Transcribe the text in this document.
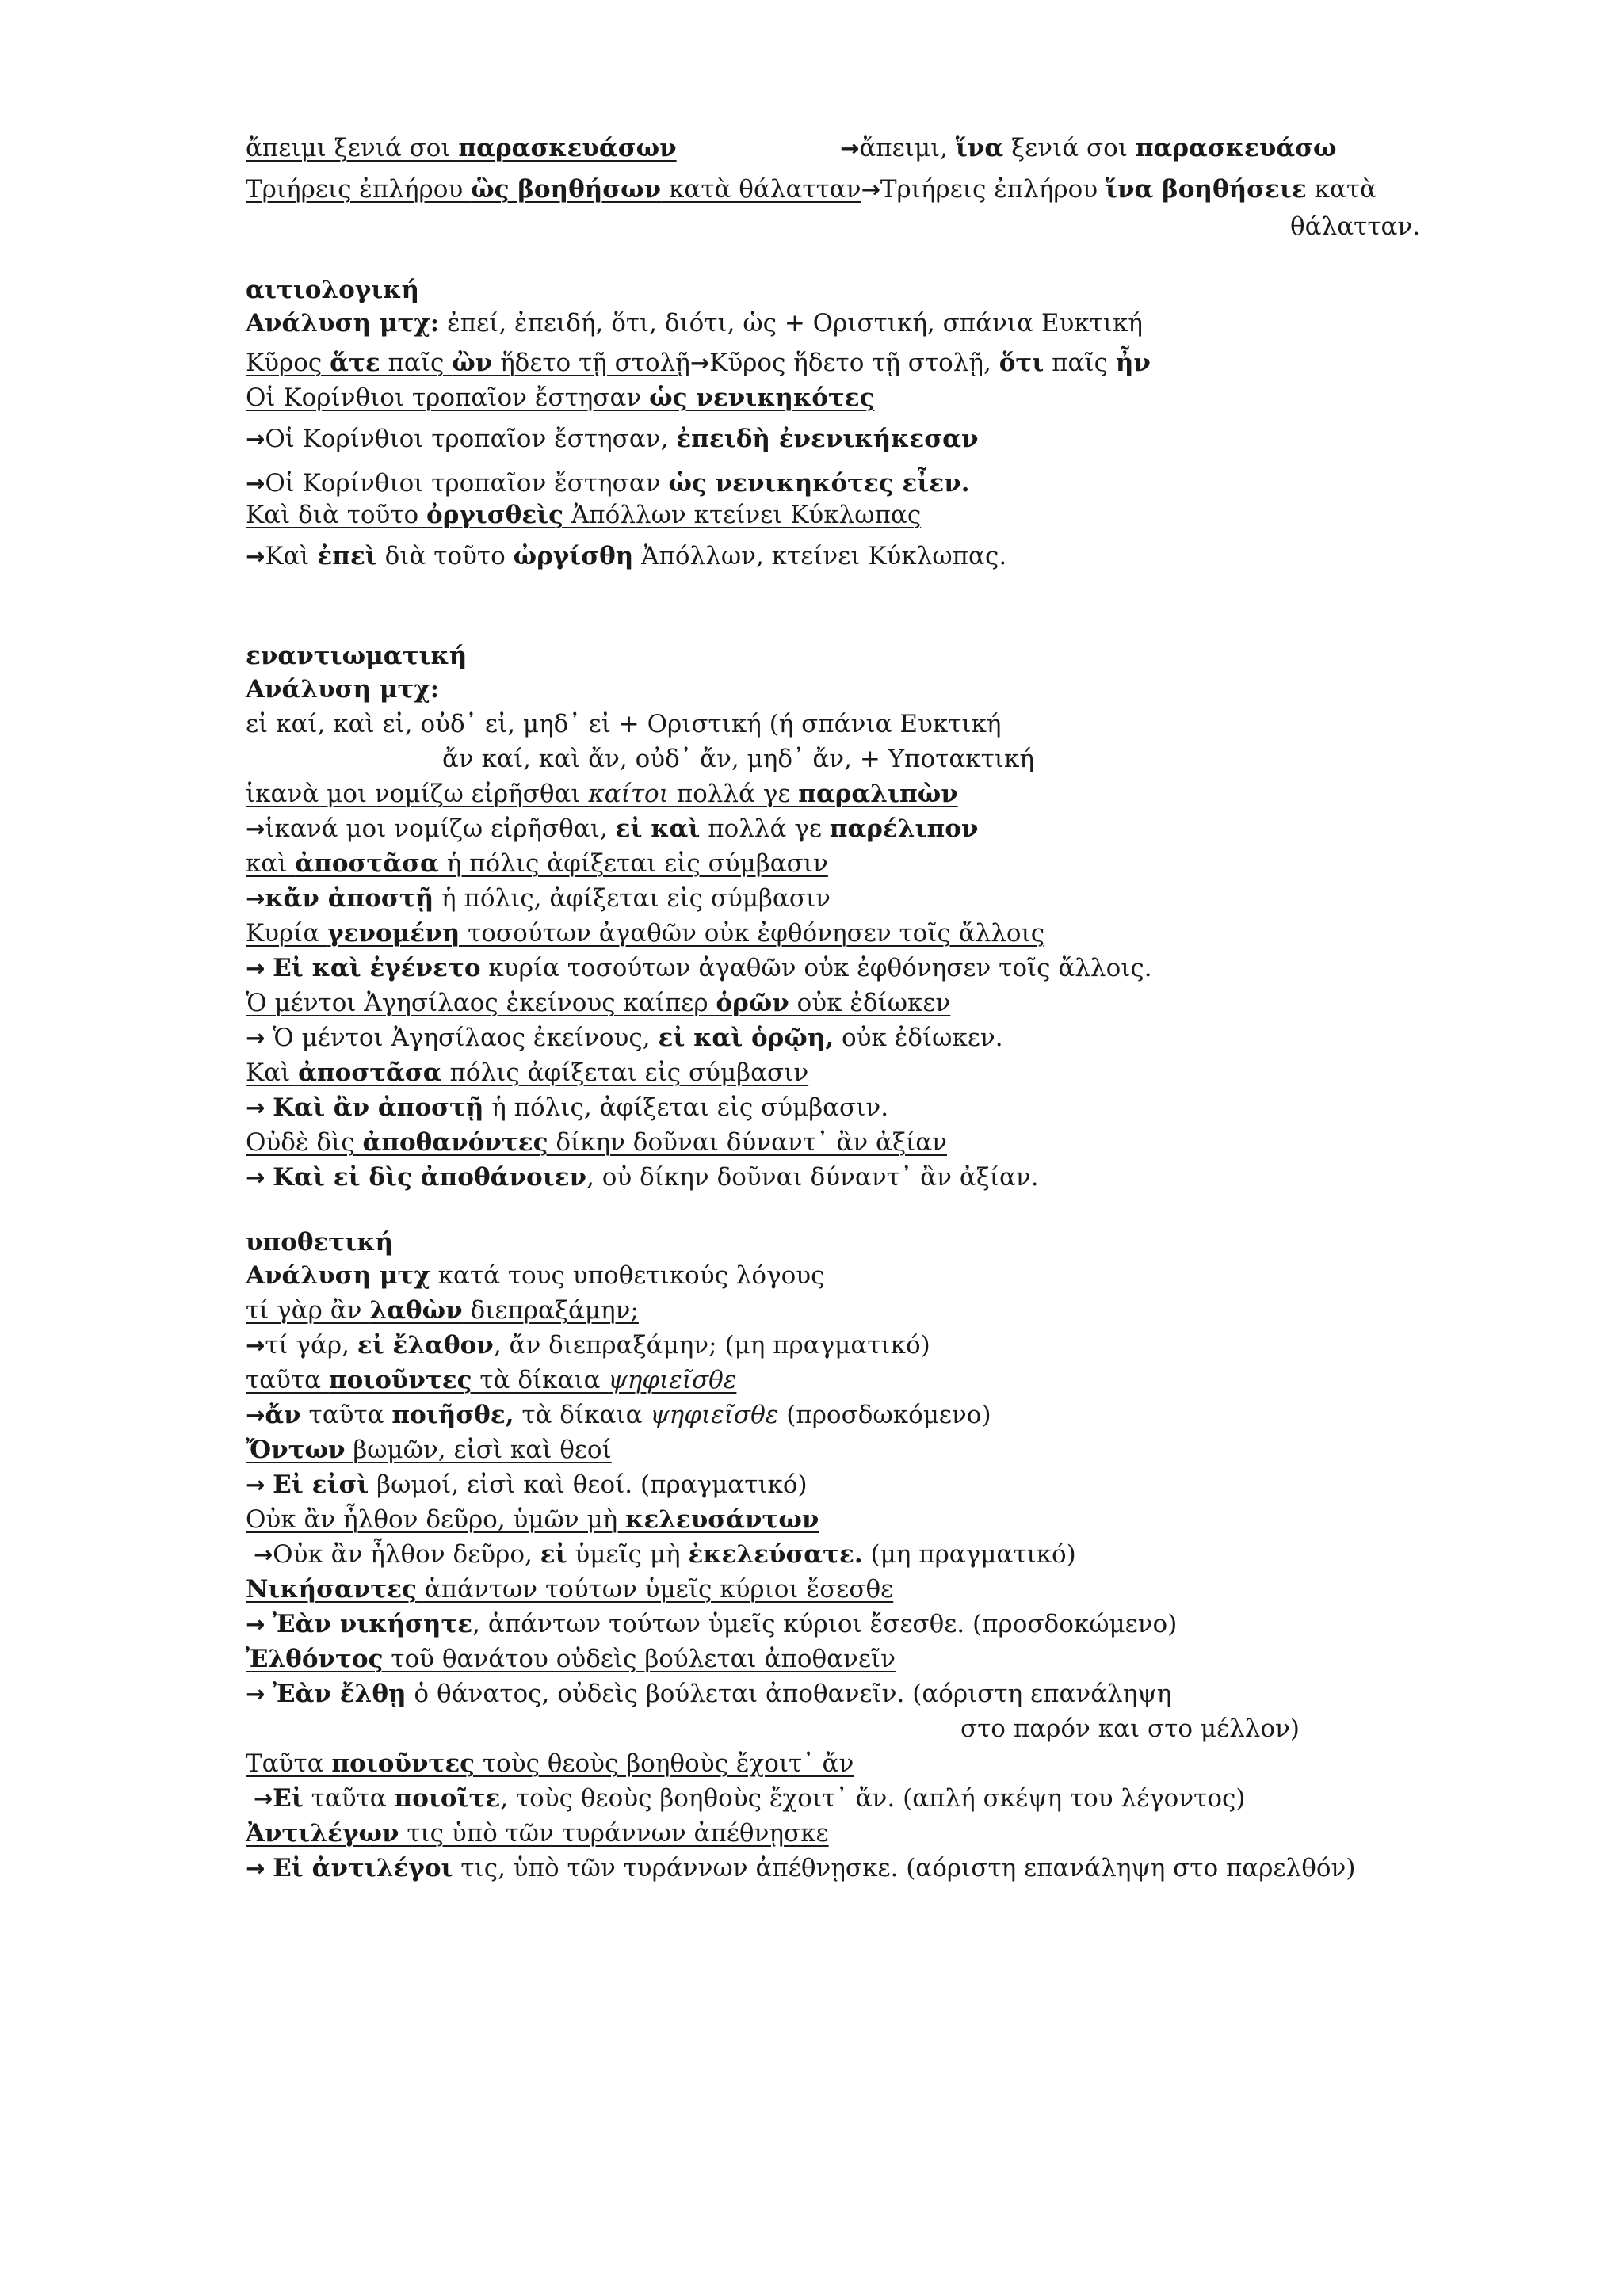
ἄπειμι ξενιά σοι παρασκευάσων	→ἄπειμι, ἵνα ξενιά σοι παρασκευάσω
Τριήρεις ἐπλήρου ὣς βοηθήσων κατὰ θάλατταν→Τριήρεις ἐπλήρου ἵνα βοηθήσειε κατὰ
θάλατταν.
αιτιολογική
Ανάλυση μτχ: ἐπεί, ἐπειδή, ὅτι, διότι, ὡς + Οριστική, σπάνια Ευκτική
Κῦρος ἅτε παῖς ὢν ἥδετο τῇ στολῇ→Κῦρος ἥδετο τῇ στολῇ, ὅτι παῖς ἦν
Οἱ Κορίνθιοι τροπαῖον ἔστησαν ὡς νενικηκότες
→Οἱ Κορίνθιοι τροπαῖον ἔστησαν, ἐπειδὴ ἐνενικήκεσαν
→Οἱ Κορίνθιοι τροπαῖον ἔστησαν ὡς νενικηκότες εἶεν.
Καὶ διὰ τοῦτο ὀργισθεὶς Ἀπόλλων κτείνει Κύκλωπας
→Καὶ ἐπεὶ διὰ τοῦτο ὠργίσθη Ἀπόλλων, κτείνει Κύκλωπας.
εναντιωματική
Ανάλυση μτχ:
εἰ καί, καὶ εἰ, οὐδ᾽ εἰ, μηδ᾽ εἰ + Οριστική (ή σπάνια Ευκτική
ἄν καί, καὶ ἄν, οὐδ᾽ ἄν, μηδ᾽ ἄν, + Υποτακτική
ἱκανὰ μοι νομίζω εἰρῆσθαι καίτοι πολλά γε παραλιπὼν
→ἱκανά μοι νομίζω εἰρῆσθαι, εἰ καὶ πολλά γε παρέλιπον
καὶ ἀποστᾶσα ἡ πόλις ἀφίξεται εἰς σύμβασιν
→κἄν ἀποστῇ ἡ πόλις, ἀφίξεται εἰς σύμβασιν
Κυρία γενομένη τοσούτων ἀγαθῶν οὐκ ἐφθόνησεν τοῖς ἄλλοις
→ Εἰ καὶ ἐγένετο κυρία τοσούτων ἀγαθῶν οὐκ ἐφθόνησεν τοῖς ἄλλοις.
Ὁ μέντοι Ἀγησίλαος ἐκείνους καίπερ ὁρῶν οὐκ ἐδίωκεν
→ Ὁ μέντοι Ἀγησίλαος ἐκείνους, εἰ καὶ ὁρῷη, οὐκ ἐδίωκεν.
Καὶ ἀποστᾶσα πόλις ἀφίξεται εἰς σύμβασιν
→ Καὶ ἂν ἀποστῇ ἡ πόλις, ἀφίξεται εἰς σύμβασιν.
Οὐδὲ δὶς ἀποθανόντες δίκην δοῦναι δύναντ᾽ ἂν ἀξίαν
→ Καὶ εἰ δὶς ἀποθάνοιεν, οὐ δίκην δοῦναι δύναντ᾽ ἂν ἀξίαν.
υποθετική
Ανάλυση μτχ κατά τους υποθετικούς λόγους
τί γὰρ ἂν λαθὼν διεπραξάμην;
→τί γάρ, εἰ ἔλαθον, ἄν διεπραξάμην; (μη πραγματικό)
ταῦτα ποιοῦντες τὰ δίκαια ψηφιεῖσθε
→ἄν ταῦτα ποιῆσθε, τὰ δίκαια ψηφιεῖσθε (προσδωκόμενο)
Ὄντων βωμῶν, εἰσὶ καὶ θεοί
→ Εἰ εἰσὶ βωμοί, εἰσὶ καὶ θεοί. (πραγματικό)
Οὐκ ἂν ἦλθον δεῦρο, ὑμῶν μὴ κελευσάντων
→Οὐκ ἂν ἦλθον δεῦρο, εἰ ὑμεῖς μὴ ἐκελεύσατε. (μη πραγματικό)
Νικήσαντες ἁπάντων τούτων ὑμεῖς κύριοι ἔσεσθε
→ Ἐὰν νικήσητε, ἁπάντων τούτων ὑμεῖς κύριοι ἔσεσθε. (προσδοκώμενο)
Ἐλθόντος τοῦ θανάτου οὐδεὶς βούλεται ἀποθανεῖν
→ Ἐὰν ἔλθῃ ὁ θάνατος, οὐδεὶς βούλεται ἀποθανεῖν. (αόριστη επανάληψη
στο παρόν και στο μέλλον)
Ταῦτα ποιοῦντες τοὺς θεοὺς βοηθοὺς ἔχοιτ᾽ ἄν
→Εἰ ταῦτα ποιοῖτε, τοὺς θεοὺς βοηθοὺς ἔχοιτ᾽ ἄν. (απλή σκέψη του λέγοντος)
Ἀντιλέγων τις ὑπὸ τῶν τυράννων ἀπέθνῃσκε
→ Εἰ ἀντιλέγοι τις, ὑπὸ τῶν τυράννων ἀπέθνῃσκε. (αόριστη επανάληψη στο παρελθόν)
